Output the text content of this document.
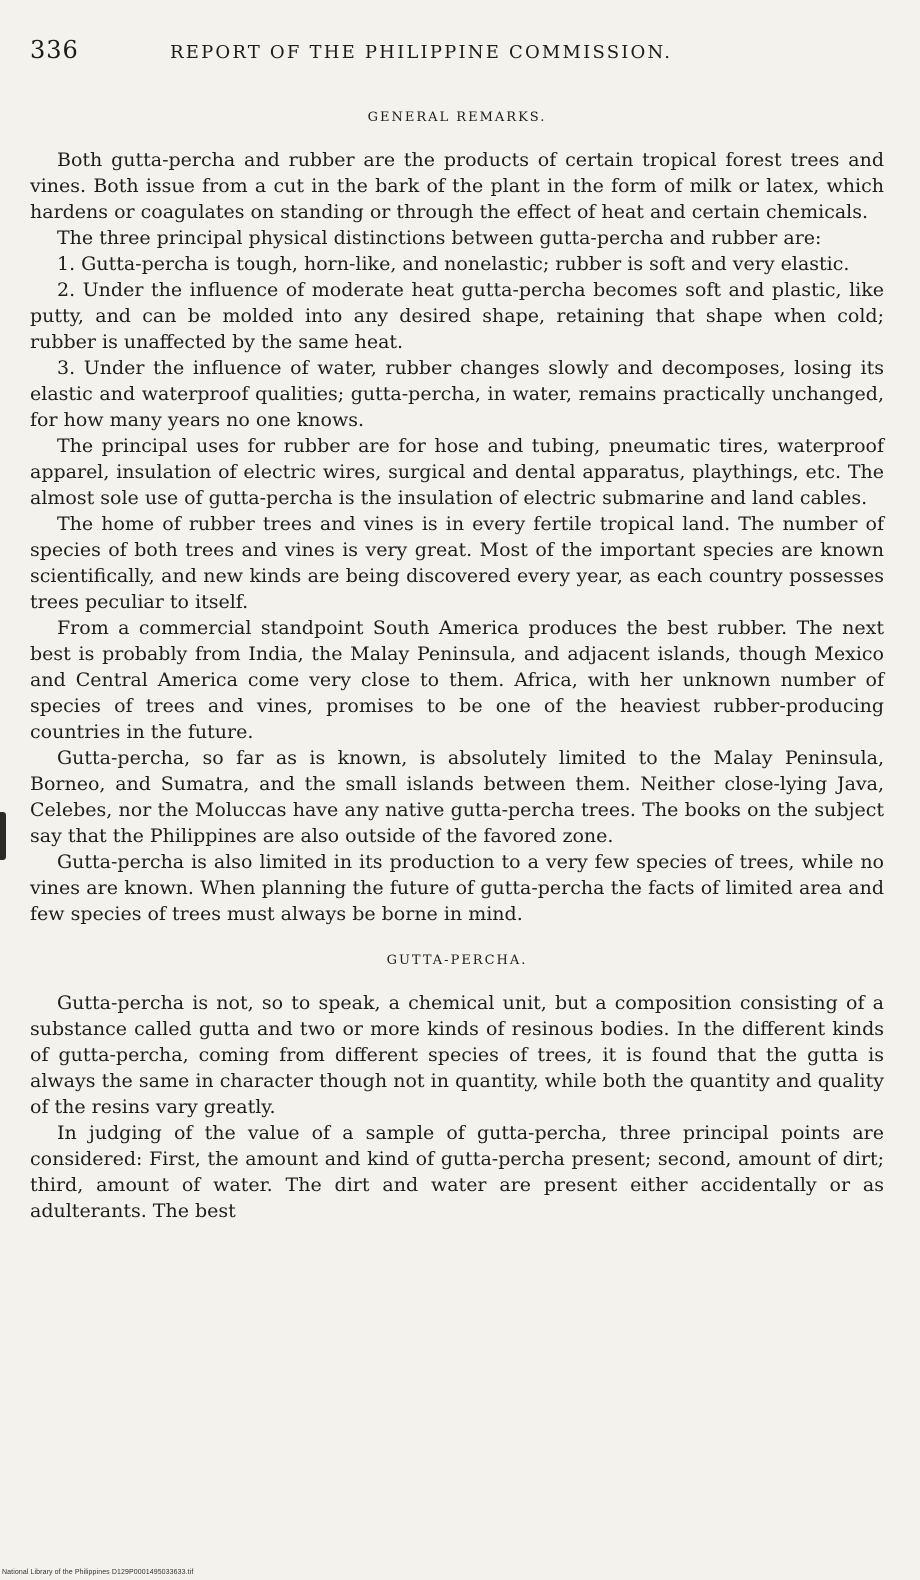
336	REPORT OF THE PHILIPPINE COMMISSION.
GENERAL REMARKS.

Both gutta-percha and rubber are the products of certain tropical forest trees and vines. Both issue from a cut in the bark of the plant in the form of milk or latex, which hardens or coagulates on standing or through the effect of heat and certain chemicals.

The three principal physical distinctions between gutta-percha and rubber are:

1. Gutta-percha is tough, horn-like, and nonelastic; rubber is soft and very elastic.

2. Under the influence of moderate heat gutta-percha becomes soft and plastic, like putty, and can be molded into any desired shape, retaining that shape when cold; rubber is unaffected by the same heat.

3. Under the influence of water, rubber changes slowly and decomposes, losing its elastic and waterproof qualities; gutta-percha, in water, remains practically unchanged, for how many years no one knows.

The principal uses for rubber are for hose and tubing, pneumatic tires, waterproof apparel, insulation of electric wires, surgical and dental apparatus, playthings, etc. The almost sole use of gutta-percha is the insulation of electric submarine and land cables.

The home of rubber trees and vines is in every fertile tropical land. The number of species of both trees and vines is very great. Most of the important species are known scientifically, and new kinds are being discovered every year, as each country possesses trees peculiar to itself.

From a commercial standpoint South America produces the best rubber. The next best is probably from India, the Malay Peninsula, and adjacent islands, though Mexico and Central America come very close to them. Africa, with her unknown number of species of trees and vines, promises to be one of the heaviest rubber-producing countries in the future.

Gutta-percha, so far as is known, is absolutely limited to the Malay Peninsula, Borneo, and Sumatra, and the small islands between them. Neither close-lying Java, Celebes, nor the Moluccas have any native gutta-percha trees. The books on the subject say that the Philippines are also outside of the favored zone.

Gutta-percha is also limited in its production to a very few species of trees, while no vines are known. When planning the future of gutta-percha the facts of limited area and few species of trees must always be borne in mind.

GUTTA-PERCHA.

Gutta-percha is not, so to speak, a chemical unit, but a composition consisting of a substance called gutta and two or more kinds of resinous bodies. In the different kinds of gutta-percha, coming from different species of trees, it is found that the gutta is always the same in character though not in quantity, while both the quantity and quality of the resins vary greatly.

In judging of the value of a sample of gutta-percha, three principal points are considered: First, the amount and kind of gutta-percha present; second, amount of dirt; third, amount of water. The dirt and water are present either accidentally or as adulterants. The best

National Library of the Philippines D129P0001495033633.tif
